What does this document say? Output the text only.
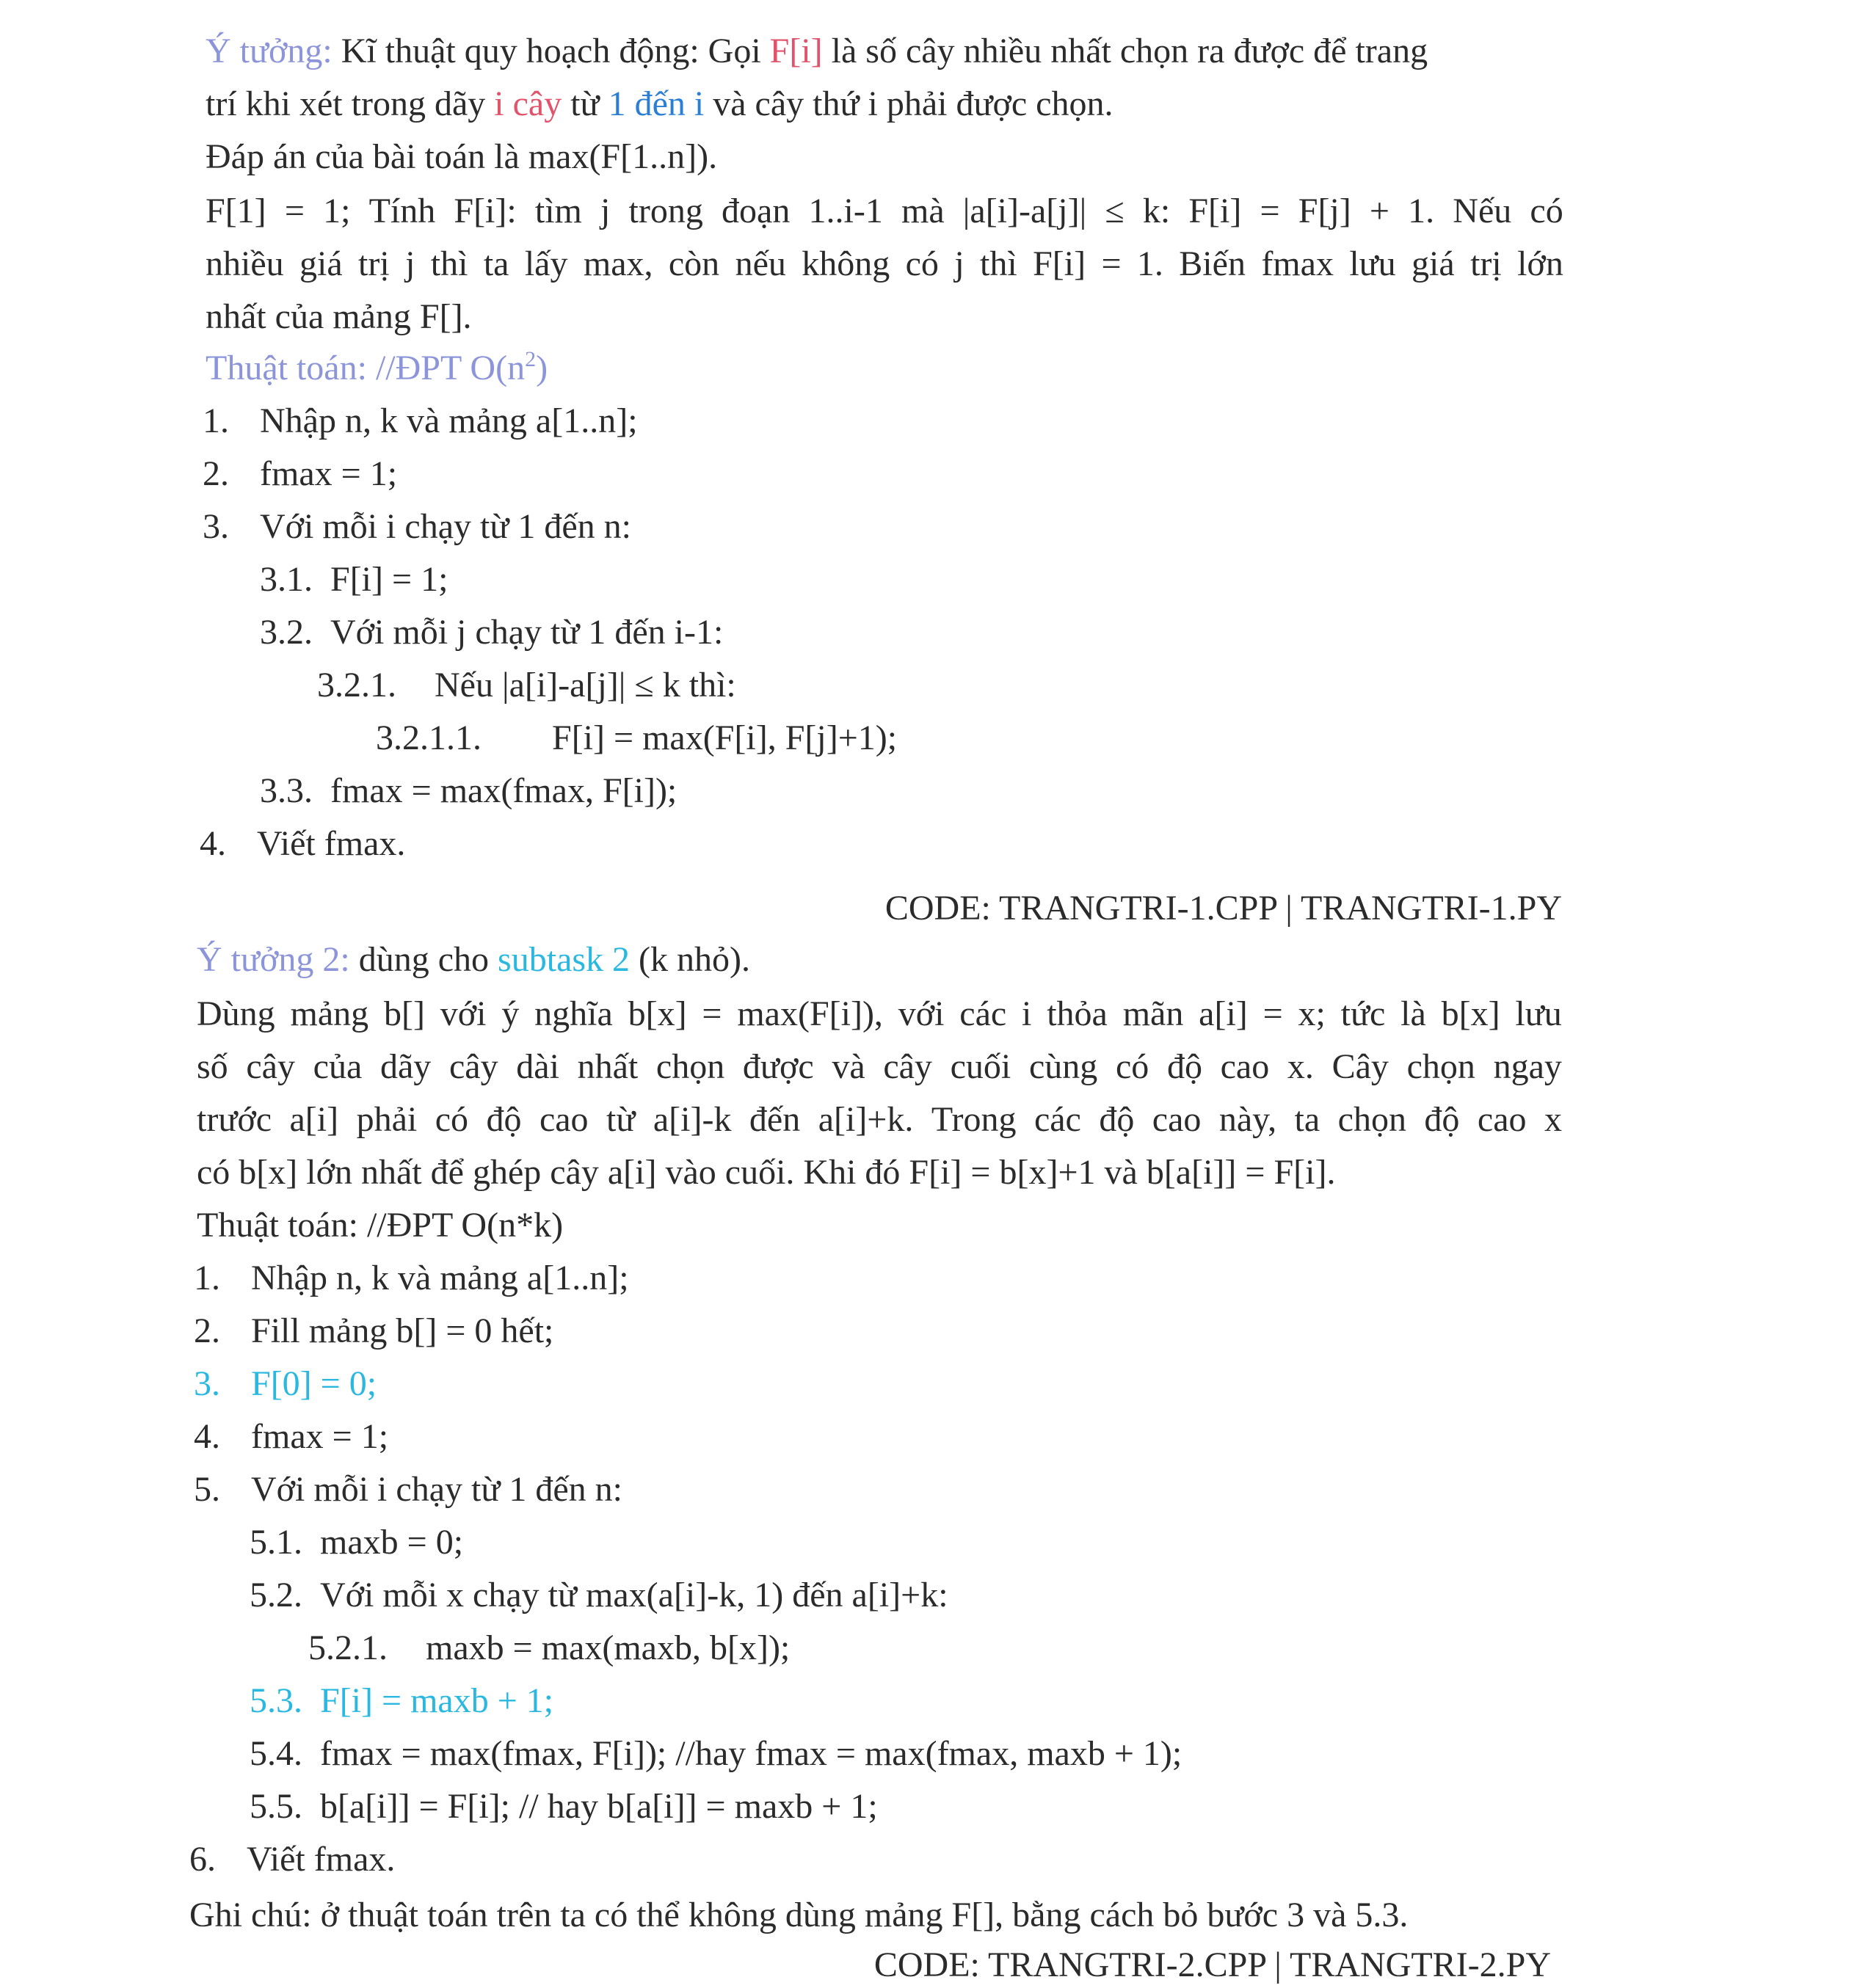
Ý tưởng: Kĩ thuật quy hoạch động: Gọi F[i] là số cây nhiều nhất chọn ra được để trang
trí khi xét trong dãy i cây từ 1 đến i và cây thứ i phải được chọn.
Đáp án của bài toán là max(F[1..n]).
F[1] = 1; Tính F[i]: tìm j trong đoạn 1..i-1 mà |a[i]-a[j]| ≤ k: F[i] = F[j] + 1. Nếu có
nhiều giá trị j thì ta lấy max, còn nếu không có j thì F[i] = 1. Biến fmax lưu giá trị lớn
nhất của mảng F[].
Thuật toán: //ĐPT $O(n^2)$
1. Nhập n, k và mảng a[1..n];
2. fmax = 1;
3. Với mỗi i chạy từ 1 đến n:
3.1. F[i] = 1;
3.2. Với mỗi j chạy từ 1 đến i-1:
3.2.1. Nếu |a[i]-a[j]| ≤ k thì:
3.2.1.1. F[i] = max(F[i], F[j]+1);
3.3. fmax = max(fmax, F[i]);
4. Viết fmax.
CODE: TRANGTRI-1.CPP | TRANGTRI-1.PY
Ý tưởng 2: dùng cho subtask 2 (k nhỏ).
Dùng mảng b[] với ý nghĩa b[x] = max(F[i]), với các i thỏa mãn a[i] = x; tức là b[x] lưu
số cây của dãy cây dài nhất chọn được và cây cuối cùng có độ cao x. Cây chọn ngay
trước a[i] phải có độ cao từ a[i]-k đến a[i]+k. Trong các độ cao này, ta chọn độ cao x
có b[x] lớn nhất để ghép cây a[i] vào cuối. Khi đó F[i] = b[x]+1 và b[a[i]] = F[i].
Thuật toán: //ĐPT O(n*k)
1. Nhập n, k và mảng a[1..n];
2. Fill mảng b[] = 0 hết;
3. F[0] = 0;
4. fmax = 1;
5. Với mỗi i chạy từ 1 đến n:
5.1. maxb = 0;
5.2. Với mỗi x chạy từ max(a[i]-k, 1) đến a[i]+k:
5.2.1. maxb = max(maxb, b[x]);
5.3. F[i] = maxb + 1;
5.4. fmax = max(fmax, F[i]); //hay fmax = max(fmax, maxb + 1);
5.5. b[a[i]] = F[i]; // hay b[a[i]] = maxb + 1;
6. Viết fmax.
Ghi chú: ở thuật toán trên ta có thể không dùng mảng F[], bằng cách bỏ bước 3 và 5.3.
CODE: TRANGTRI-2.CPP | TRANGTRI-2.PY
